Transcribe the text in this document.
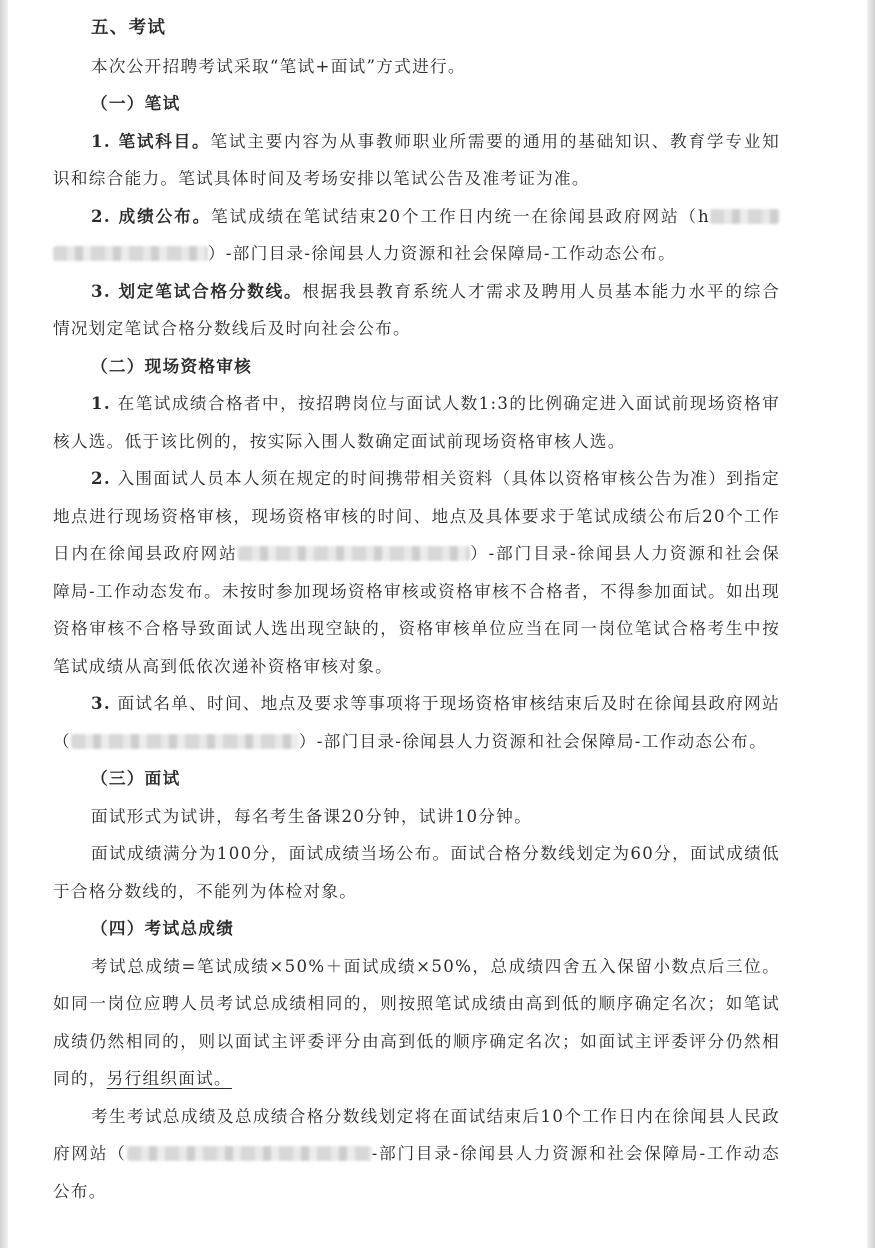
五、考试

本次公开招聘考试采取“笔试+面试”方式进行。

（一）笔试

1. 笔试科目。笔试主要内容为从事教师职业所需要的通用的基础知识、教育学专业知识和综合能力。笔试具体时间及考场安排以笔试公告及准考证为准。

2. 成绩公布。笔试成绩在笔试结束20个工作日内统一在徐闻县政府网站（h）-部门目录-徐闻县人力资源和社会保障局-工作动态公布。

3. 划定笔试合格分数线。根据我县教育系统人才需求及聘用人员基本能力水平的综合情况划定笔试合格分数线后及时向社会公布。

（二）现场资格审核

1. 在笔试成绩合格者中，按招聘岗位与面试人数1:3的比例确定进入面试前现场资格审核人选。低于该比例的，按实际入围人数确定面试前现场资格审核人选。

2. 入围面试人员本人须在规定的时间携带相关资料（具体以资格审核公告为准）到指定地点进行现场资格审核，现场资格审核的时间、地点及具体要求于笔试成绩公布后20个工作日内在徐闻县政府网站	）-部门目录-徐闻县人力资源和社会保障局-工作动态发布。未按时参加现场资格审核或资格审核不合格者，不得参加面试。如出现资格审核不合格导致面试人选出现空缺的，资格审核单位应当在同一岗位笔试合格考生中按笔试成绩从高到低依次递补资格审核对象。

3. 面试名单、时间、地点及要求等事项将于现场资格审核结束后及时在徐闻县政府网站（	）-部门目录-徐闻县人力资源和社会保障局-工作动态公布。

（三）面试

面试形式为试讲，每名考生备课20分钟，试讲10分钟。

面试成绩满分为100分，面试成绩当场公布。面试合格分数线划定为60分，面试成绩低于合格分数线的，不能列为体检对象。

（四）考试总成绩

考试总成绩=笔试成绩×50%＋面试成绩×50%，总成绩四舍五入保留小数点后三位。如同一岗位应聘人员考试总成绩相同的，则按照笔试成绩由高到低的顺序确定名次；如笔试成绩仍然相同的，则以面试主评委评分由高到低的顺序确定名次；如面试主评委评分仍然相同的，另行组织面试。

考生考试总成绩及总成绩合格分数线划定将在面试结束后10个工作日内在徐闻县人民政府网站（	-部门目录-徐闻县人力资源和社会保障局-工作动态公布。
